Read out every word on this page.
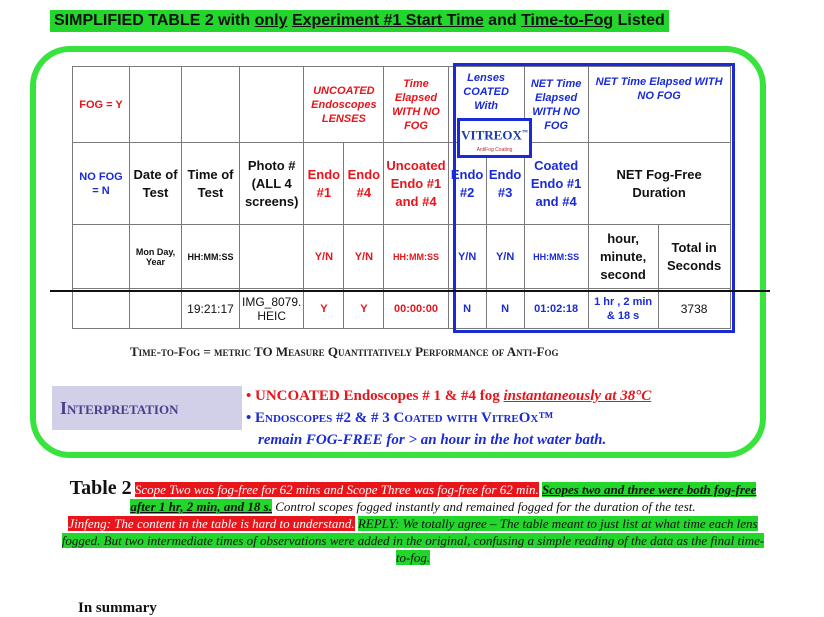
SIMPLIFIED TABLE 2 with only Experiment #1 Start Time and Time-to-Fog Listed
FOG = Y				UNCOATED Endoscopes LENSES		Time Elapsed WITH NO FOG	Lenses COATED With		NET Time Elapsed WITH NO FOG	NET Time Elapsed WITH NO FOG	
NO FOG = N	Date of Test	Time of Test	Photo # (ALL 4 screens)	Endo #1	Endo #4	Uncoated Endo #1 and #4	Endo #2	Endo #3	Coated Endo #1 and #4	NET Fog-Free Duration	
	Mon Day, Year	HH:MM:SS		Y/N	Y/N	HH:MM:SS	Y/N	Y/N	HH:MM:SS	hour, minute, second	Total in Seconds
		19:21:17	IMG_8079. HEIC	Y	Y	00:00:00	N	N	01:02:18	1 hr , 2 min & 18 s	3738
VITREOX™
AntiFog Coating
Time-to-Fog = metric TO Measure Quantitatively Performance of Anti-Fog
Interpretation
• UNCOATED Endoscopes # 1 & #4 fog instantaneously at 38°C
• Endoscopes #2 & # 3 Coated with VitreOx™
remain FOG-FREE for > an hour in the hot water bath.
Table 2 Scope Two was fog-free for 62 mins and Scope Three was fog-free for 62 min. Scopes two and three were both fog-free after 1 hr, 2 min, and 18 s. Control scopes fogged instantly and remained fogged for the duration of the test.
Jinfeng: The content in the table is hard to understand. REPLY: We totally agree – The table meant to just list at what time each lens fogged. But two intermediate times of observations were added in the original, confusing a simple reading of the data as the final time-to-fog.
In summary
